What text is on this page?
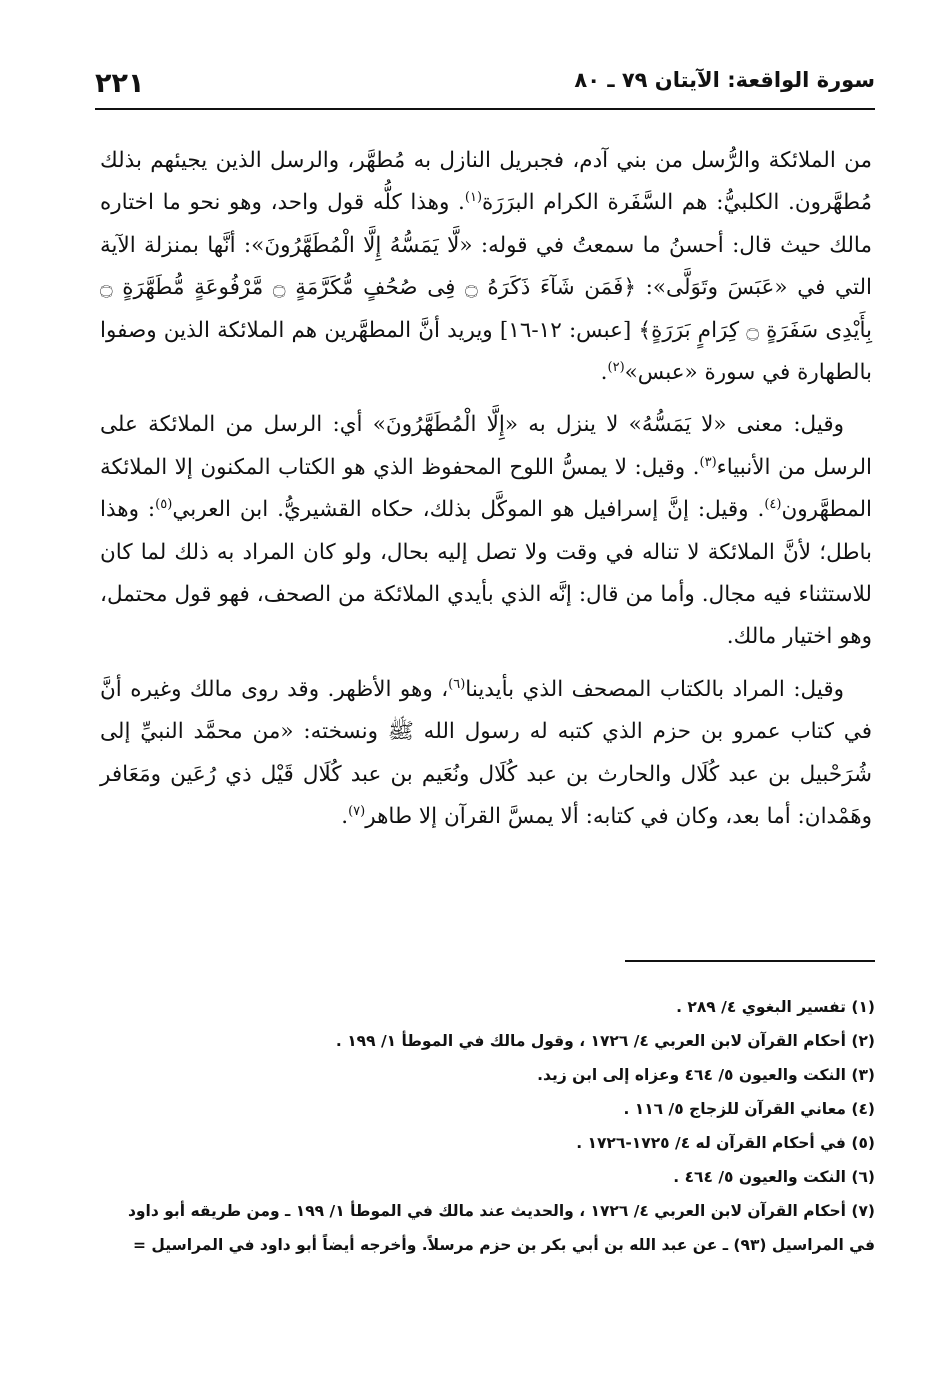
سورة الواقعة: الآيتان ٧٩ ـ ٨٠
٢٢١

من الملائكة والرُّسل من بني آدم، فجبريل النازل به مُطهَّر، والرسل الذين يجيئهم بذلك مُطهَّرون. الكلبيُّ: هم السَّفَرة الكرام البرَرَة$^{(١)}$. وهذا كلُّه قول واحد، وهو نحو ما اختاره مالك حيث قال: أحسنُ ما سمعتُ في قوله: «لَّا يَمَسُّهُ إِلَّا الْمُطَهَّرُونَ»: أنَّها بمنزلة الآية التي في «عَبَسَ وتَوَلَّى»: ﴿فَمَن شَآءَ ذَكَرَهُ ۝ فِى صُحُفٍ مُّكَرَّمَةٍ ۝ مَّرْفُوعَةٍ مُّطَهَّرَةٍ ۝ بِأَيْدِى سَفَرَةٍ ۝ كِرَامٍ بَرَرَةٍ﴾ [عبس: ١٢-١٦] ويريد أنَّ المطهَّرين هم الملائكة الذين وصفوا بالطهارة في سورة «عبس»$^{(٢)}$.

وقيل: معنى «لا يَمَسُّهُ» لا ينزل به «إِلَّا الْمُطَهَّرُونَ» أي: الرسل من الملائكة على الرسل من الأنبياء$^{(٣)}$. وقيل: لا يمسُّ اللوح المحفوظ الذي هو الكتاب المكنون إلا الملائكة المطهَّرون$^{(٤)}$. وقيل: إنَّ إسرافيل هو الموكَّل بذلك، حكاه القشيريُّ. ابن العربي$^{(٥)}$: وهذا باطل؛ لأنَّ الملائكة لا تناله في وقت ولا تصل إليه بحال، ولو كان المراد به ذلك لما كان للاستثناء فيه مجال. وأما من قال: إنَّه الذي بأيدي الملائكة من الصحف، فهو قول محتمل، وهو اختيار مالك.

وقيل: المراد بالكتاب المصحف الذي بأيدينا$^{(٦)}$، وهو الأظهر. وقد روى مالك وغيره أنَّ في كتاب عمرو بن حزم الذي كتبه له رسول الله ﷺ ونسخته: «من محمَّد النبيِّ إلى شُرَحْبيل بن عبد كُلَال والحارث بن عبد كُلَال ونُعَيم بن عبد كُلَال قَيْل ذي رُعَين ومَعَافر وهَمْدان: أما بعد، وكان في كتابه: ألا يمسَّ القرآن إلا طاهر$^{(٧)}$.

(١) تفسير البغوي ٤/ ٢٨٩ .

(٢) أحكام القرآن لابن العربي ٤/ ١٧٢٦ ، وقول مالك في الموطأ ١/ ١٩٩ .

(٣) النكت والعيون ٥/ ٤٦٤ وعزاه إلى ابن زيد.

(٤) معاني القرآن للزجاج ٥/ ١١٦ .

(٥) في أحكام القرآن له ٤/ ١٧٢٥-١٧٢٦ .

(٦) النكت والعيون ٥/ ٤٦٤ .

(٧) أحكام القرآن لابن العربي ٤/ ١٧٢٦ ، والحديث عند مالك في الموطأ ١/ ١٩٩ ـ ومن طريقه أبو داود في المراسيل (٩٣) ـ عن عبد الله بن أبي بكر بن حزم مرسلاً. وأخرجه أيضاً أبو داود في المراسيل =
